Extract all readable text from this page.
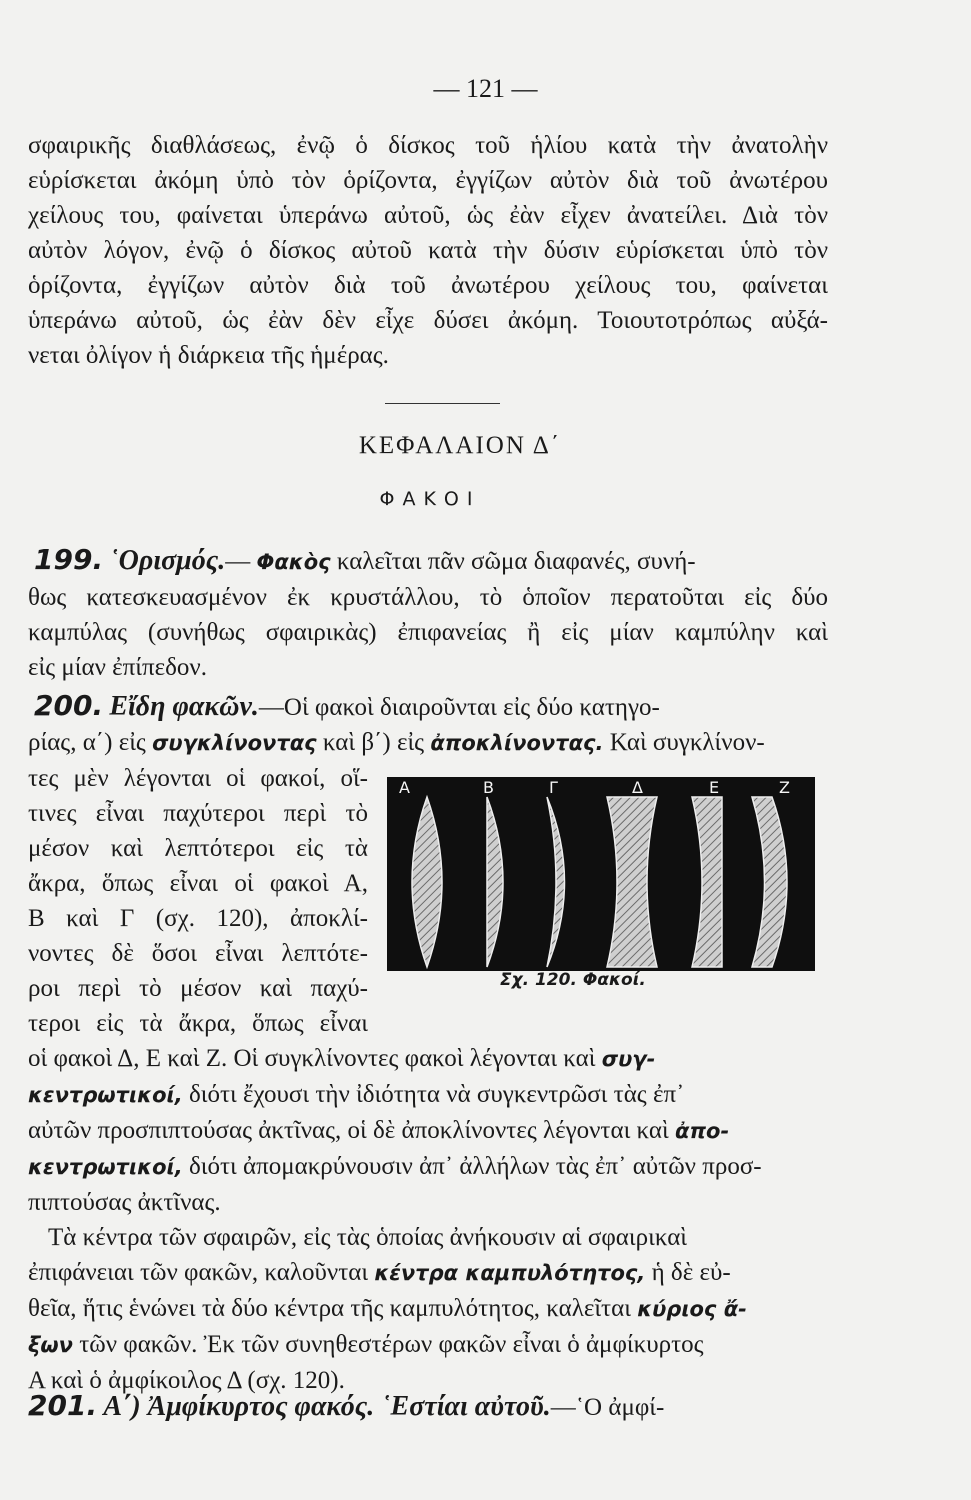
— 121 —
σφαιρικῆς διαθλάσεως, ἐνῷ ὁ δίσκος τοῦ ἡλίου κατὰ τὴν ἀνατολὴν
εὑρίσκεται ἀκόμη ὑπὸ τὸν ὁρίζοντα, ἐγγίζων αὐτὸν διὰ τοῦ ἀνωτέρου
χείλους του, φαίνεται ὑπεράνω αὐτοῦ, ὡς ἐὰν εἶχεν ἀνατείλει. Διὰ τὸν
αὐτὸν λόγον, ἐνῷ ὁ δίσκος αὐτοῦ κατὰ τὴν δύσιν εὑρίσκεται ὑπὸ τὸν
ὁρίζοντα, ἐγγίζων αὐτὸν διὰ τοῦ ἀνωτέρου χείλους του, φαίνεται
ὑπεράνω αὐτοῦ, ὡς ἐὰν δὲν εἶχε δύσει ἀκόμη. Τοιουτοτρόπως αὐξά-
νεται ὀλίγον ἡ διάρκεια τῆς ἡμέρας.
ΚΕΦΑΛΑΙΟΝ Δ΄
ΦΑΚΟΙ
199. ῾Ορισμός.— Φακὸς καλεῖται πᾶν σῶμα διαφανές, συνή-
θως κατεσκευασμένον ἐκ κρυστάλλου, τὸ ὁποῖον περατοῦται εἰς δύο
καμπύλας (συνήθως σφαιρικὰς) ἐπιφανείας ἢ εἰς μίαν καμπύλην καὶ
εἰς μίαν ἐπίπεδον.
200. Εἴδη φακῶν.—Οἱ φακοὶ διαιροῦνται εἰς δύο κατηγο-
ρίας, α΄) εἰς συγκλίνοντας καὶ β΄) εἰς ἀποκλίνοντας. Καὶ συγκλίνον-
τες μὲν λέγονται οἱ φακοί, οἵ-
τινες εἶναι παχύτεροι περὶ τὸ
μέσον καὶ λεπτότεροι εἰς τὰ
ἄκρα, ὅπως εἶναι οἱ φακοὶ Α,
Β καὶ Γ (σχ. 120), ἀποκλί-
νοντες δὲ ὅσοι εἶναι λεπτότε-
ροι περὶ τὸ μέσον καὶ παχύ-
τεροι εἰς τὰ ἄκρα, ὅπως εἶναι
οἱ φακοὶ Δ, Ε καὶ Ζ. Οἱ συγκλίνοντες φακοὶ λέγονται καὶ συγ-
κεντρωτικοί, διότι ἔχουσι τὴν ἰδιότητα νὰ συγκεντρῶσι τὰς ἐπ᾿
αὐτῶν προσπιπτούσας ἀκτῖνας, οἱ δὲ ἀποκλίνοντες λέγονται καὶ ἀπο-
κεντρωτικοί, διότι ἀπομακρύνουσιν ἀπ᾿ ἀλλήλων τὰς ἐπ᾿ αὐτῶν προσ-
πιπτούσας ἀκτῖνας.
Τὰ κέντρα τῶν σφαιρῶν, εἰς τὰς ὁποίας ἀνήκουσιν αἱ σφαιρικαὶ
ἐπιφάνειαι τῶν φακῶν, καλοῦνται κέντρα καμπυλότητος, ἡ δὲ εὐ-
θεῖα, ἥτις ἑνώνει τὰ δύο κέντρα τῆς καμπυλότητος, καλεῖται κύριος ἄ-
ξων τῶν φακῶν. Ἐκ τῶν συνηθεστέρων φακῶν εἶναι ὁ ἀμφίκυρτος
Α καὶ ὁ ἀμφίκοιλος Δ (σχ. 120).
Α	Β	Γ	Δ	Ε	Ζ
Σχ. 120. Φακοί.
201. Α΄) Ἀμφίκυρτος φακός. ῾Εστίαι αὐτοῦ.—῾Ο ἀμφί-
